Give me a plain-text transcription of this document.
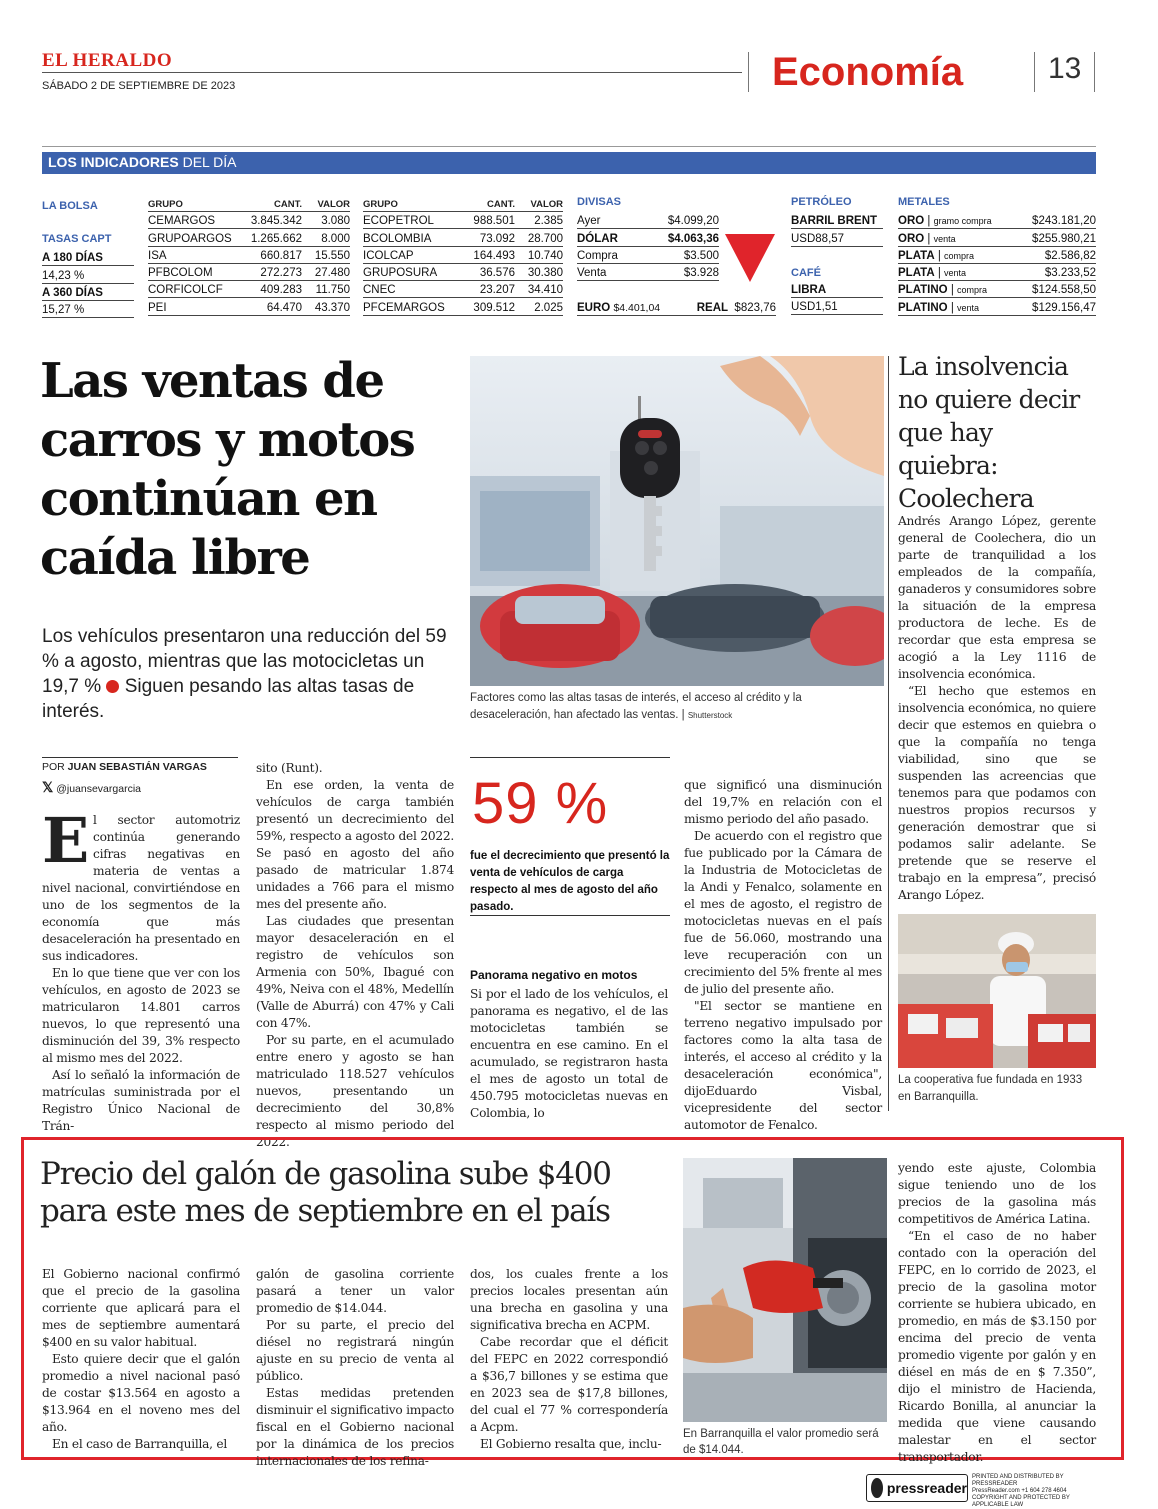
EL HERALDO
SÁBADO 2 DE SEPTIEMBRE DE 2023	Economía	13
LOS INDICADORES DEL DÍA
LA BOLSA
TASAS CAPT
A 180 DÍAS
14,23 %
A 360 DÍAS
15,27 %
GRUPO	CANT.	VALOR
CEMARGOS	3.845.342	3.080
GRUPOARGOS	1.265.662	8.000
ISA	660.817	15.550
PFBCOLOM	272.273	27.480
CORFICOLCF	409.283	11.750
PEI	64.470	43.370
GRUPO	CANT.	VALOR
ECOPETROL	988.501	2.385
BCOLOMBIA	73.092	28.700
ICOLCAP	164.493	10.740
GRUPOSURA	36.576	30.380
CNEC	23.207	34.410
PFCEMARGOS	309.512	2.025
DIVISAS
Ayer	$4.099,20
DÓLAR	$4.063,36
Compra	$3.500
Venta	$3.928
EURO $4.401,04	REAL $823,76
PETRÓLEO
BARRIL BRENT
USD88,57
CAFÉ
LIBRA
USD1,51
METALES
ORO | gramo compra	$243.181,20
ORO | venta	$255.980,21
PLATA | compra	$2.586,82
PLATA | venta	$3.233,52
PLATINO | compra	$124.558,50
PLATINO | venta	$129.156,47
Las ventas de carros y motos continúan en caída libre
Los vehículos presentaron una reducción del 59 % a agosto, mientras que las motocicletas un 19,7 %  Siguen pesando las altas tasas de interés.
Factores como las altas tasas de interés, el acceso al crédito y la desaceleración, han afectado las ventas. | Shutterstock
POR JUAN SEBASTIÁN VARGAS
𝕏 @juansevargarcia

El sector automotriz continúa generando cifras negativas en materia de ventas a nivel nacional, convirtiéndose en uno de los segmentos de la economía que más desaceleración ha presentado en sus indicadores.

En lo que tiene que ver con los vehículos, en agosto de 2023 se matricularon 14.801 carros nuevos, lo que representó una disminución del 39, 3% respecto al mismo mes del 2022.

Así lo señaló la información de matrículas suministrada por el Registro Único Nacional de Trán-

sito (Runt).

En ese orden, la venta de vehículos de carga también presentó un decrecimiento del 59%, respecto a agosto del 2022. Se pasó en agosto del año pasado de matricular 1.874 unidades a 766 para el mismo mes del presente año.

Las ciudades que presentan mayor desaceleración en el registro de vehículos son Armenia con 50%, Ibagué con 49%, Neiva con el 48%, Medellín (Valle de Aburrá) con 47% y Cali con 47%.

Por su parte, en el acumulado entre enero y agosto se han matriculado 118.527 vehículos nuevos, presentando un decrecimiento del 30,8% respecto al mismo periodo del 2022.

59 %
fue el decrecimiento que presentó la venta de vehículos de carga respecto al mes de agosto del año pasado.
Panorama negativo en motos

Si por el lado de los vehículos, el panorama es negativo, el de las motocicletas también se encuentra en ese camino. En el acumulado, se registraron hasta el mes de agosto un total de 450.795 motocicletas nuevas en Colombia, lo

que significó una disminución del 19,7% en relación con el mismo periodo del año pasado.

De acuerdo con el registro que fue publicado por la Cámara de la Industria de Motocicletas de la Andi y Fenalco, solamente en el mes de agosto, el registro de motocicletas nuevas en el país fue de 56.060, mostrando una leve recuperación con un crecimiento del 5% frente al mes de julio del presente año.

"El sector se mantiene en terreno negativo impulsado por factores como la alta tasa de interés, el acceso al crédito y la desaceleración económica", dijoEduardo Visbal, vicepresidente del sector automotor de Fenalco.

La insolvencia no quiere decir que hay quiebra: Coolechera

Andrés Arango López, gerente general de Coolechera, dio un parte de tranquilidad a los empleados de la compañía, ganaderos y consumidores sobre la situación de la empresa productora de leche. Es de recordar que esta empresa se acogió a la Ley 1116 de insolvencia económica.

“El hecho que estemos en insolvencia económica, no quiere decir que estemos en quiebra o que la compañía no tenga viabilidad, sino que se suspenden las acreencias que tenemos para que podamos con nuestros propios recursos y generación demostrar que si podamos salir adelante. Se pretende que se reserve el trabajo en la empresa”, precisó Arango López.

La cooperativa fue fundada en 1933 en Barranquilla.
Precio del galón de gasolina sube $400 para este mes de septiembre en el país

El Gobierno nacional confirmó que el precio de la gasolina corriente que aplicará para el mes de septiembre aumentará $400 en su valor habitual.

Esto quiere decir que el galón promedio a nivel nacional pasó de costar $13.564 en agosto a $13.964 en el noveno mes del año.

En el caso de Barranquilla, el

galón de gasolina corriente pasará a tener un valor promedio de $14.044.

Por su parte, el precio del diésel no registrará ningún ajuste en su precio de venta al público.

Estas medidas pretenden disminuir el significativo impacto fiscal en el Gobierno nacional por la dinámica de los precios internacionales de los refina-

dos, los cuales frente a los precios locales presentan aún una brecha en gasolina y una significativa brecha en ACPM.

Cabe recordar que el déficit del FEPC en 2022 correspondió a $36,7 billones y se estima que en 2023 sea de $17,8 billones, del cual el 77 % correspondería a Acpm.

El Gobierno resalta que, inclu-

En Barranquilla el valor promedio será de $14.044.

yendo este ajuste, Colombia sigue teniendo uno de los precios de la gasolina más competitivos de América Latina.

“En el caso de no haber contado con la operación del FEPC, en lo corrido de 2023, el precio de la gasolina motor corriente se hubiera ubicado, en promedio, en más de $3.150 por encima del precio de venta promedio vigente por galón y en diésel en más de en $ 7.350”, dijo el ministro de Hacienda, Ricardo Bonilla, al anunciar la medida que viene causando malestar en el sector transportador.

pressreader
PRINTED AND DISTRIBUTED BY PRESSREADER
PressReader.com +1 604 278 4604
COPYRIGHT AND PROTECTED BY APPLICABLE LAW
